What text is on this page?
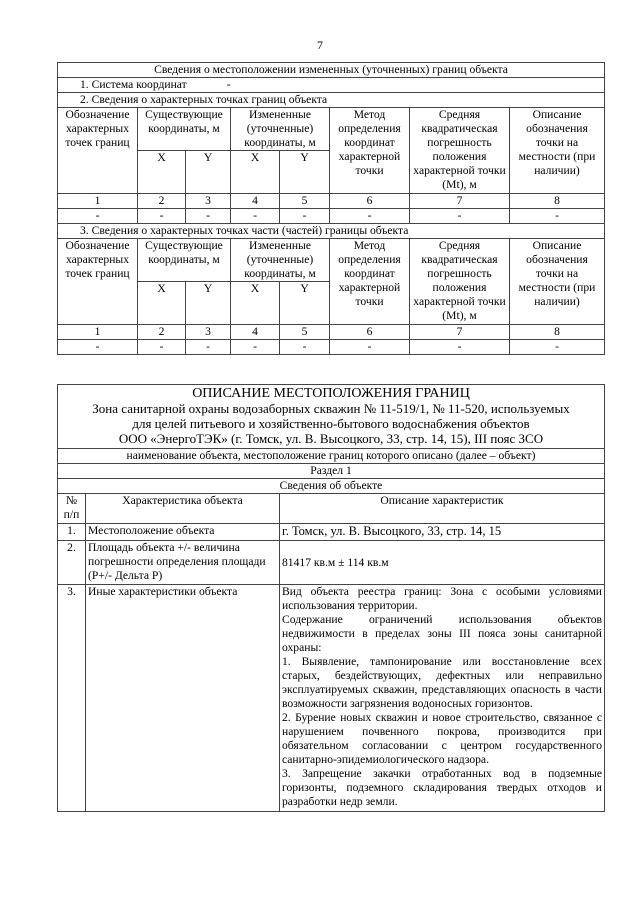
7
Сведения о местоположении измененных (уточненных) границ объекта							
1. Система координат -							
2. Сведения о характерных точках границ объекта							
Обозначение характерных точек границ	Существующие координаты, м		Измененные (уточненные) координаты, м		Метод определения координат характерной точки	Средняя квадратическая погрешность положения характерной точки (Mt), м	Описание обозначения точки на местности (при наличии)
	X	Y	X	Y			
1	2	3	4	5	6	7	8
-	-	-	-	-	-	-	-
3. Сведения о характерных точках части (частей) границы объекта							
Обозначение характерных точек границ	Существующие координаты, м		Измененные (уточненные) координаты, м		Метод определения координат характерной точки	Средняя квадратическая погрешность положения характерной точки (Mt), м	Описание обозначения точки на местности (при наличии)
	X	Y	X	Y			
1	2	3	4	5	6	7	8
-	-	-	-	-	-	-	-
ОПИСАНИЕ МЕСТОПОЛОЖЕНИЯ ГРАНИЦ
Зона санитарной охраны водозаборных скважин № 11-519/1, № 11-520, используемых
для целей питьевого и хозяйственно-бытового водоснабжения объектов
ООО «ЭнергоТЭК» (г. Томск, ул. В. Высоцкого, 33, стр. 14, 15), III пояс ЗСО		

наименование объекта, местоположение границ которого описано (далее – объект)		
Раздел 1		
Сведения об объекте		
№ п/п	Характеристика объекта	Описание характеристик
1.	Местоположение объекта	г. Томск, ул. В. Высоцкого, 33, стр. 14, 15
2.	Площадь объекта +/- величина погрешности определения площади (Р+/- Дельта Р)	81417 кв.м ± 114 кв.м
3.	Иные характеристики объекта	Вид объекта реестра границ: Зона с особыми условиями использования территории.
Содержание ограничений использования объектов недвижимости в пределах зоны III пояса зоны санитарной охраны:
1. Выявление, тампонирование или восстановление всех старых, бездействующих, дефектных или неправильно эксплуатируемых скважин, представляющих опасность в части возможности загрязнения водоносных горизонтов.
2. Бурение новых скважин и новое строительство, связанное с нарушением почвенного покрова, производится при обязательном согласовании с центром государственного санитарно-эпидемиологического надзора.
3. Запрещение закачки отработанных вод в подземные горизонты, подземного складирования твердых отходов и разработки недр земли.
